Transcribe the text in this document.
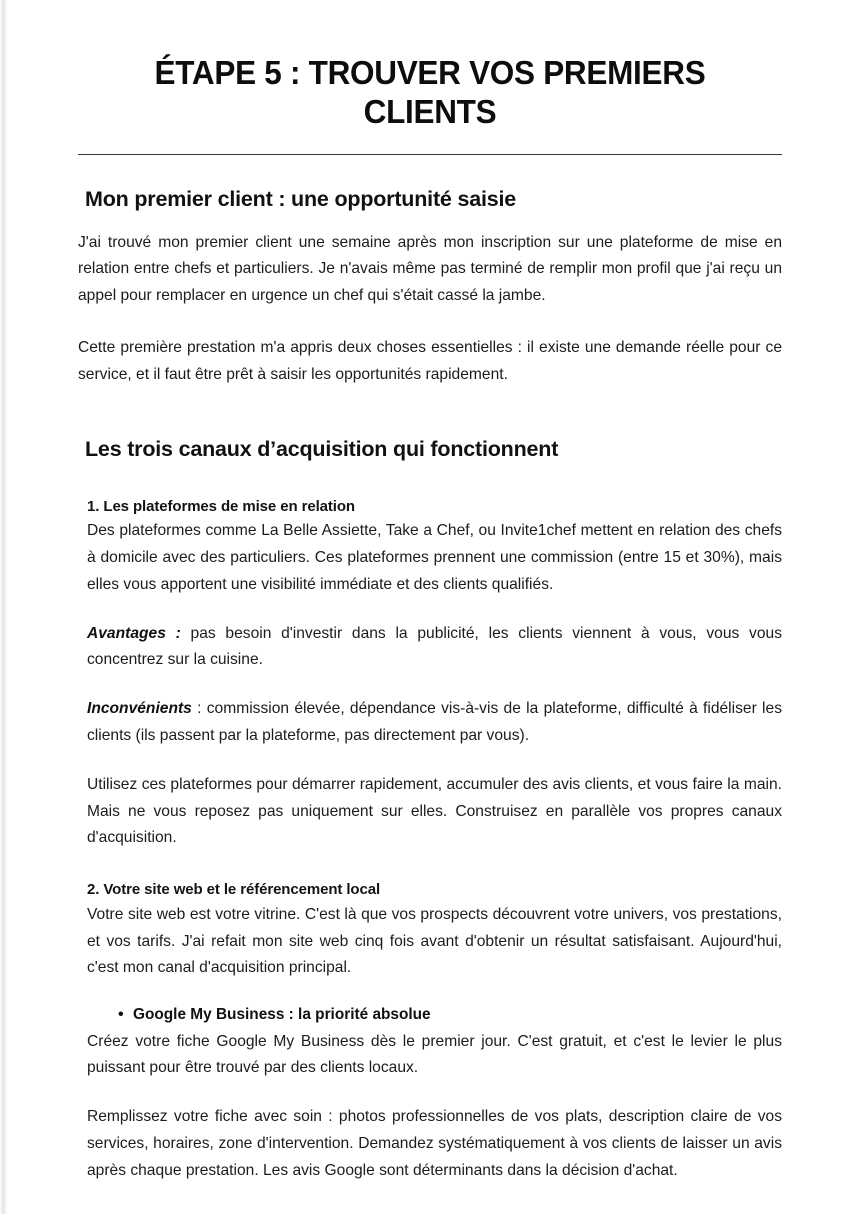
ÉTAPE 5 : TROUVER VOS PREMIERS CLIENTS
Mon premier client : une opportunité saisie

J'ai trouvé mon premier client une semaine après mon inscription sur une plateforme de mise en relation entre chefs et particuliers. Je n'avais même pas terminé de remplir mon profil que j'ai reçu un appel pour remplacer en urgence un chef qui s'était cassé la jambe.

Cette première prestation m'a appris deux choses essentielles : il existe une demande réelle pour ce service, et il faut être prêt à saisir les opportunités rapidement.

Les trois canaux d’acquisition qui fonctionnent
1. Les plateformes de mise en relation

Des plateformes comme La Belle Assiette, Take a Chef, ou Invite1chef mettent en relation des chefs à domicile avec des particuliers. Ces plateformes prennent une commission (entre 15 et 30%), mais elles vous apportent une visibilité immédiate et des clients qualifiés.

Avantages : pas besoin d'investir dans la publicité, les clients viennent à vous, vous vous concentrez sur la cuisine.

Inconvénients : commission élevée, dépendance vis-à-vis de la plateforme, difficulté à fidéliser les clients (ils passent par la plateforme, pas directement par vous).

Utilisez ces plateformes pour démarrer rapidement, accumuler des avis clients, et vous faire la main. Mais ne vous reposez pas uniquement sur elles. Construisez en parallèle vos propres canaux d'acquisition.

2. Votre site web et le référencement local

Votre site web est votre vitrine. C'est là que vos prospects découvrent votre univers, vos prestations, et vos tarifs. J'ai refait mon site web cinq fois avant d'obtenir un résultat satisfaisant. Aujourd'hui, c'est mon canal d'acquisition principal.

• Google My Business : la priorité absolue

Créez votre fiche Google My Business dès le premier jour. C'est gratuit, et c'est le levier le plus puissant pour être trouvé par des clients locaux.

Remplissez votre fiche avec soin : photos professionnelles de vos plats, description claire de vos services, horaires, zone d'intervention. Demandez systématiquement à vos clients de laisser un avis après chaque prestation. Les avis Google sont déterminants dans la décision d'achat.
